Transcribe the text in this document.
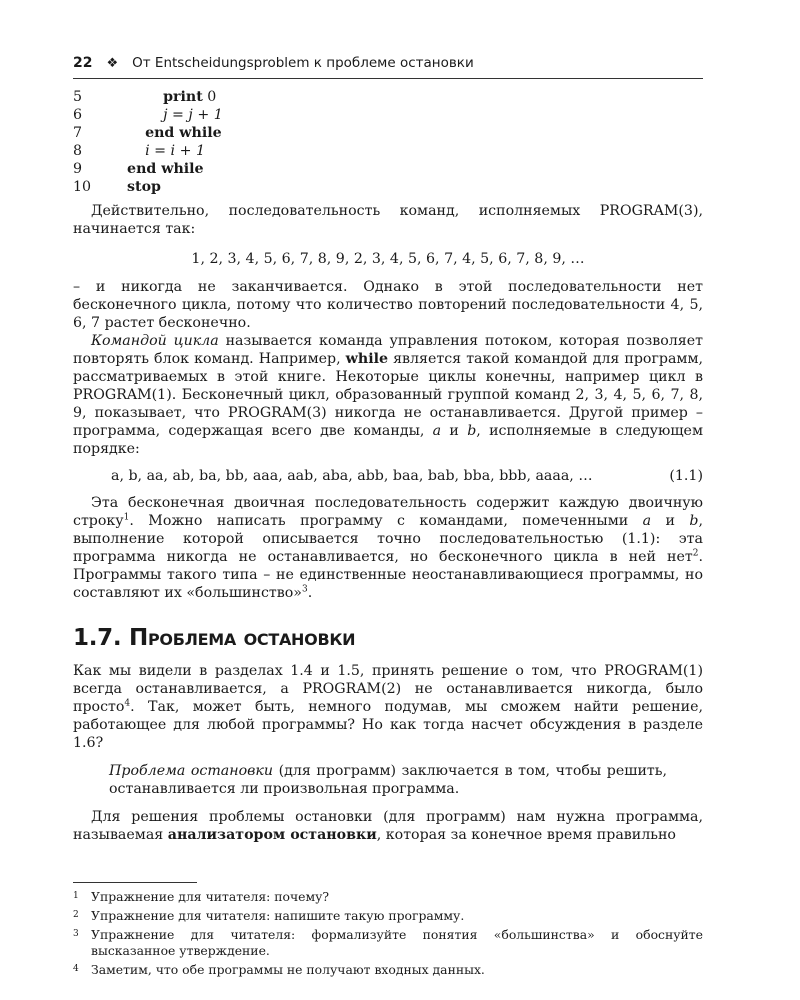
22 ❖ От Entscheidungsproblem к проблеме остановки
5	print 0
6	j = j + 1
7	end while
8	i = i + 1
9	end while
10	stop

Действительно, последовательность команд, исполняемых PROGRAM(3), начинается так:

1, 2, 3, 4, 5, 6, 7, 8, 9, 2, 3, 4, 5, 6, 7, 4, 5, 6, 7, 8, 9, …

– и никогда не заканчивается. Однако в этой последовательности нет бесконечного цикла, потому что количество повторений последовательности 4, 5, 6, 7 растет бесконечно.

Командой цикла называется команда управления потоком, которая позволяет повторять блок команд. Например, while является такой командой для программ, рассматриваемых в этой книге. Некоторые циклы конечны, например цикл в PROGRAM(1). Бесконечный цикл, образованный группой команд 2, 3, 4, 5, 6, 7, 8, 9, показывает, что PROGRAM(3) никогда не останавливается. Другой пример – программа, содержащая всего две команды, a и b, исполняемые в следующем порядке:

a, b, aa, ab, ba, bb, aaa, aab, aba, abb, baa, bab, bba, bbb, aaaa, …	(1.1)

Эта бесконечная двоичная последовательность содержит каждую двоичную строку$^1$. Можно написать программу с командами, помеченными a и b, выполнение которой описывается точно последовательностью (1.1): эта программа никогда не останавливается, но бесконечного цикла в ней нет$^2$. Программы такого типа – не единственные неостанавливающиеся программы, но составляют их «большинство»$^3$.

1.7. Проблема остановки

Как мы видели в разделах 1.4 и 1.5, принять решение о том, что PROGRAM(1) всегда останавливается, а PROGRAM(2) не останавливается никогда, было просто$^4$. Так, может быть, немного подумав, мы сможем найти решение, работающее для любой программы? Но как тогда насчет обсуждения в разделе 1.6?

Проблема остановки (для программ) заключается в том, чтобы решить, останавливается ли произвольная программа.

Для решения проблемы остановки (для программ) нам нужна программа, называемая анализатором остановки, которая за конечное время правильно

1 Упражнение для читателя: почему?
2 Упражнение для читателя: напишите такую программу.
3 Упражнение для читателя: формализуйте понятия «большинства» и обоснуйте высказанное утверждение.
4 Заметим, что обе программы не получают входных данных.
